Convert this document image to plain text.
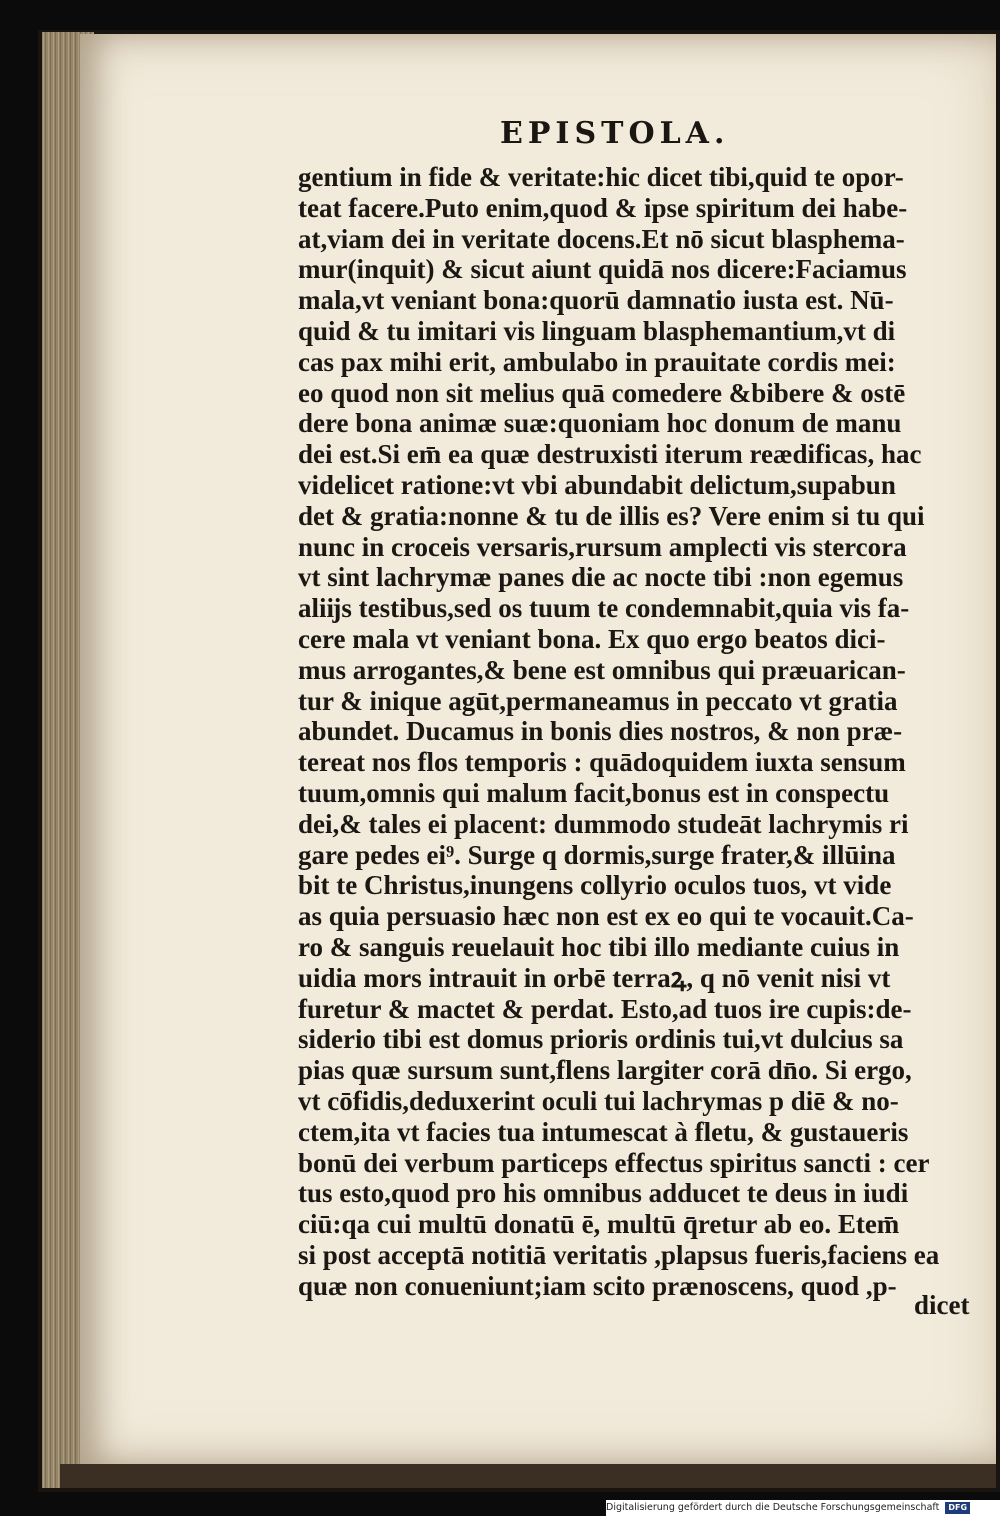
EPISTOLA.
gentium in fide & veritate:hic dicet tibi,quid te opor-
teat facere.Puto enim,quod & ipse spiritum dei habe-
at,viam dei in veritate docens.Et nō sicut blasphema-
mur(inquit) & sicut aiunt quidā nos dicere:Faciamus
mala,vt veniant bona:quorū damnatio iusta est. Nū-
quid & tu imitari vis linguam blasphemantium,vt di
cas pax mihi erit, ambulabo in prauitate cordis mei:
eo quod non sit melius quā comedere &bibere & ostē
dere bona animæ suæ:quoniam hoc donum de manu
dei est.Si em̄ ea quæ destruxisti iterum reædificas, hac
videlicet ratione:vt vbi abundabit delictum,supabun
det & gratia:nonne & tu de illis es? Vere enim si tu qui
nunc in croceis versaris,rursum amplecti vis stercora
vt sint lachrymæ panes die ac nocte tibi :non egemus
aliĳs testibus,sed os tuum te condemnabit,quia vis fa-
cere mala vt veniant bona. Ex quo ergo beatos dici-
mus arrogantes,& bene est omnibus qui præuarican-
tur & inique agūt,permaneamus in peccato vt gratia
abundet. Ducamus in bonis dies nostros, & non præ-
tereat nos flos temporis : quādoquidem iuxta sensum
tuum,omnis qui malum facit,bonus est in conspectu
dei,& tales ei placent: dummodo studeāt lachrymis ri
gare pedes ei⁹. Surge q dormis,surge frater,& illūina
bit te Christus,inungens collyrio oculos tuos, vt vide
as quia persuasio hæc non est ex eo qui te vocauit.Ca-
ro & sanguis reuelauit hoc tibi illo mediante cuius in
uidia mors intrauit in orbē terraꝝ, q nō venit nisi vt
furetur & mactet & perdat. Esto,ad tuos ire cupis:de-
siderio tibi est domus prioris ordinis tui,vt dulcius sa
pias quæ sursum sunt,flens largiter corā dn̄o. Si ergo,
vt cōfidis,deduxerint oculi tui lachrymas p diē & no-
ctem,ita vt facies tua intumescat à fletu, & gustaueris
bonū dei verbum particeps effectus spiritus sancti : cer
tus esto,quod pro his omnibus adducet te deus in iudi
ciū:qa cui multū donatū ē, multū q̄retur ab eo. Etem̄
si post acceptā notitiā veritatis ,plapsus fueris,faciens ea
quæ non conueniunt;iam scito prænoscens, quod ,p-
dicet
Digitalisierung gefördert durch die Deutsche Forschungsgemeinschaft DFG
